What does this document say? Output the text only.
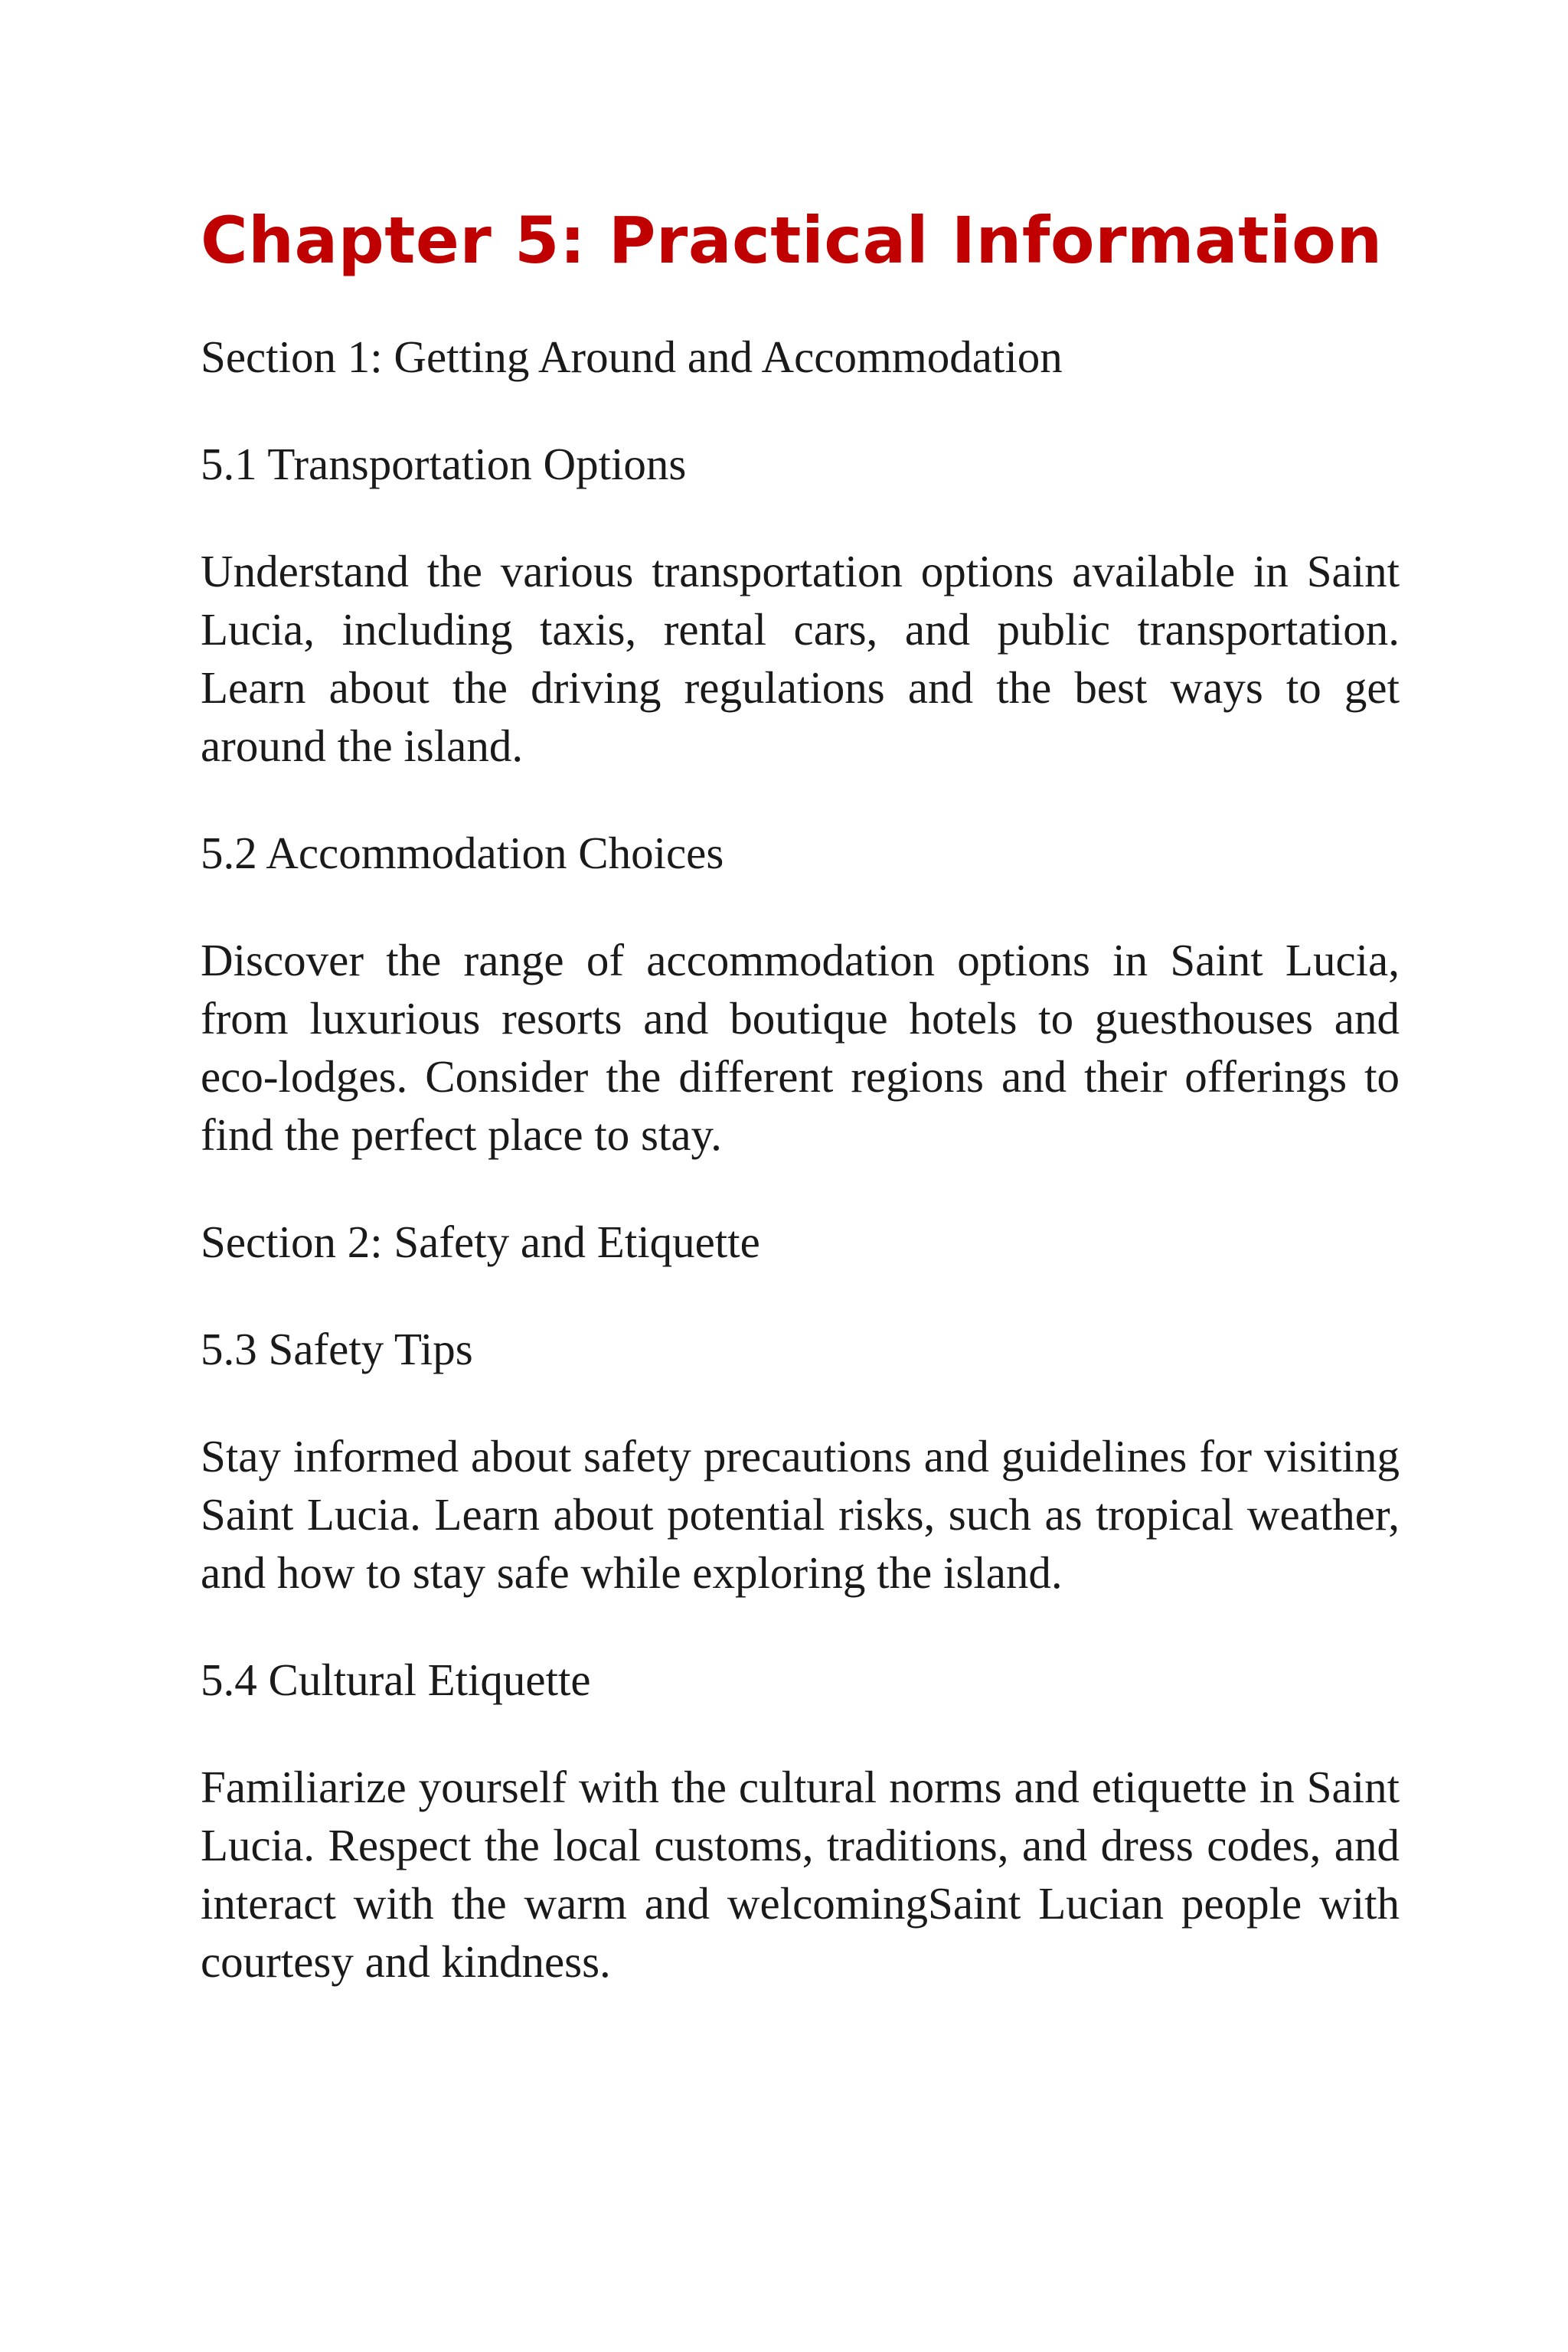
Chapter 5: Practical Information

Section 1: Getting Around and Accommodation

5.1 Transportation Options

Understand the various transportation options available in Saint Lucia, including taxis, rental cars, and public transportation. Learn about the driving regulations and the best ways to get around the island.

5.2 Accommodation Choices

Discover the range of accommodation options in Saint Lucia, from luxurious resorts and boutique hotels to guesthouses and eco-lodges. Consider the different regions and their offerings to find the perfect place to stay.

Section 2: Safety and Etiquette

5.3 Safety Tips

Stay informed about safety precautions and guidelines for visiting Saint Lucia. Learn about potential risks, such as tropical weather, and how to stay safe while exploring the island.

5.4 Cultural Etiquette

Familiarize yourself with the cultural norms and etiquette in Saint Lucia. Respect the local customs, traditions, and dress codes, and interact with the warm and welcomingSaint Lucian people with courtesy and kindness.
